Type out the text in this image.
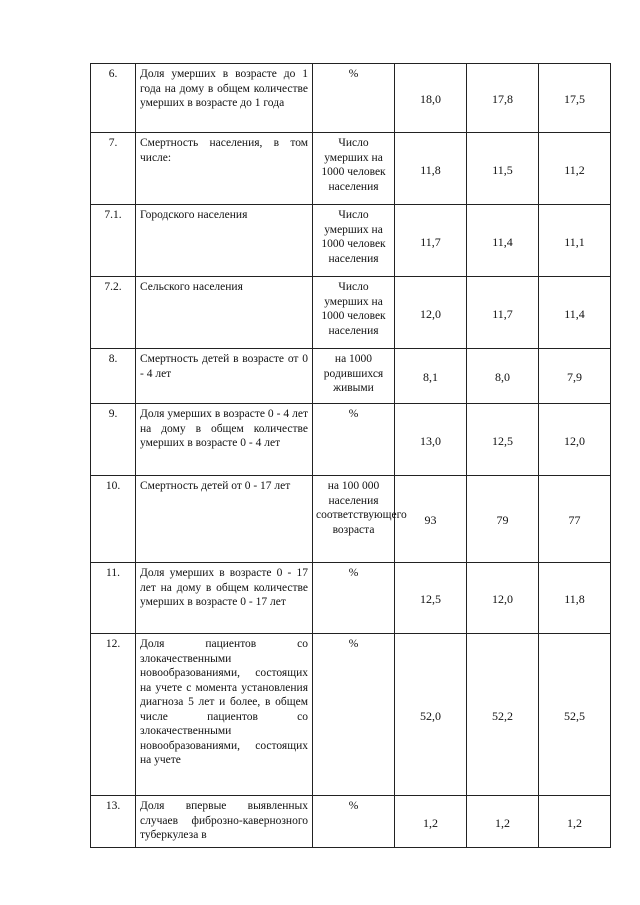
6.	Доля умерших в возрасте до 1 года на дому в общем количестве умерших в возрасте до 1 года	%	18,0	17,8	17,5
7.	Смертность населения, в том числе:	Число умерших на 1000 человек населения	11,8	11,5	11,2
7.1.	Городского населения	Число умерших на 1000 человек населения	11,7	11,4	11,1
7.2.	Сельского населения	Число умерших на 1000 человек населения	12,0	11,7	11,4
8.	Смертность детей в возрасте от 0 - 4 лет	на 1000 родившихся живыми	8,1	8,0	7,9
9.	Доля умерших в возрасте 0 - 4 лет на дому в общем количестве умерших в возрасте 0 - 4 лет	%	13,0	12,5	12,0
10.	Смертность детей от 0 - 17 лет	на 100 000 населения соответствующего возраста	93	79	77
11.	Доля умерших в возрасте 0 - 17 лет на дому в общем количестве умерших в возрасте 0 - 17 лет	%	12,5	12,0	11,8
12.	Доля пациентов со злокачественными новообразованиями, состоящих на учете с момента установления диагноза 5 лет и более, в общем числе пациентов со злокачественными новообразованиями, состоящих на учете	%	52,0	52,2	52,5
13.	Доля впервые выявленных случаев фиброзно-кавернозного туберкулеза в	%	1,2	1,2	1,2
